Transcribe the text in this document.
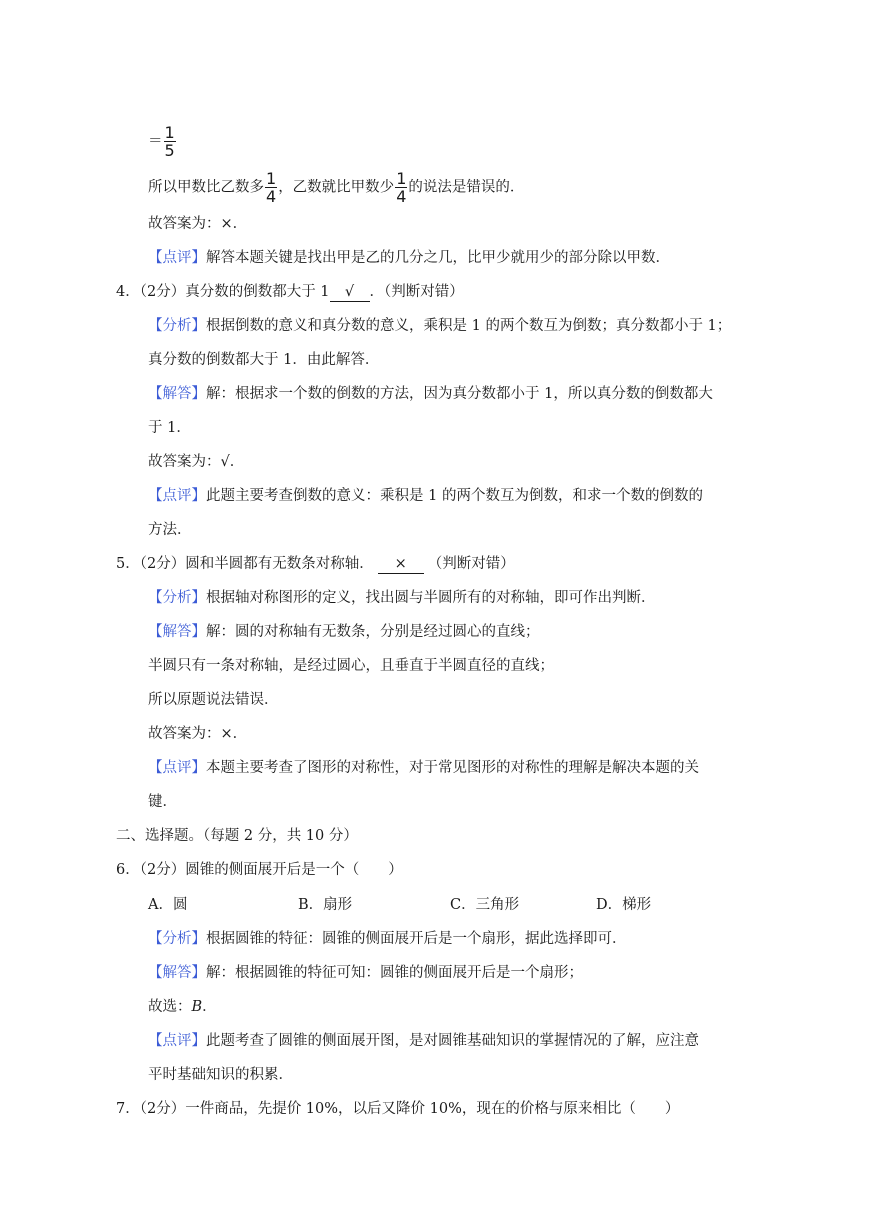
＝ $\frac{1}{5}$
所以甲数比乙数多 $\frac{1}{4}$ ，乙数就比甲数少 $\frac{1}{4}$ 的说法是错误的．
故答案为：×．
【点评】解答本题关键是找出甲是乙的几分之几，比甲少就用少的部分除以甲数．
4．（2分）真分数的倒数都大于 1 √ ．（判断对错）
【分析】根据倒数的意义和真分数的意义，乘积是 1 的两个数互为倒数；真分数都小于 1；
真分数的倒数都大于 1．由此解答．
【解答】解：根据求一个数的倒数的方法，因为真分数都小于 1，所以真分数的倒数都大
于 1．
故答案为：√．
【点评】此题主要考查倒数的意义：乘积是 1 的两个数互为倒数，和求一个数的倒数的
方法．
5．（2分）圆和半圆都有无数条对称轴． × （判断对错）
【分析】根据轴对称图形的定义，找出圆与半圆所有的对称轴，即可作出判断．
【解答】解：圆的对称轴有无数条，分别是经过圆心的直线；
半圆只有一条对称轴，是经过圆心，且垂直于半圆直径的直线；
所以原题说法错误．
故答案为：×．
【点评】本题主要考查了图形的对称性，对于常见图形的对称性的理解是解决本题的关
键．
二、选择题。（每题 2 分，共 10 分）
6．（2分）圆锥的侧面展开后是一个（　　）
A．圆	B．扇形	C．三角形	D．梯形
【分析】根据圆锥的特征：圆锥的侧面展开后是一个扇形，据此选择即可．
【解答】解：根据圆锥的特征可知：圆锥的侧面展开后是一个扇形；
故选：B．
【点评】此题考查了圆锥的侧面展开图，是对圆锥基础知识的掌握情况的了解，应注意
平时基础知识的积累．
7．（2分）一件商品，先提价 10%，以后又降价 10%，现在的价格与原来相比（　　）
